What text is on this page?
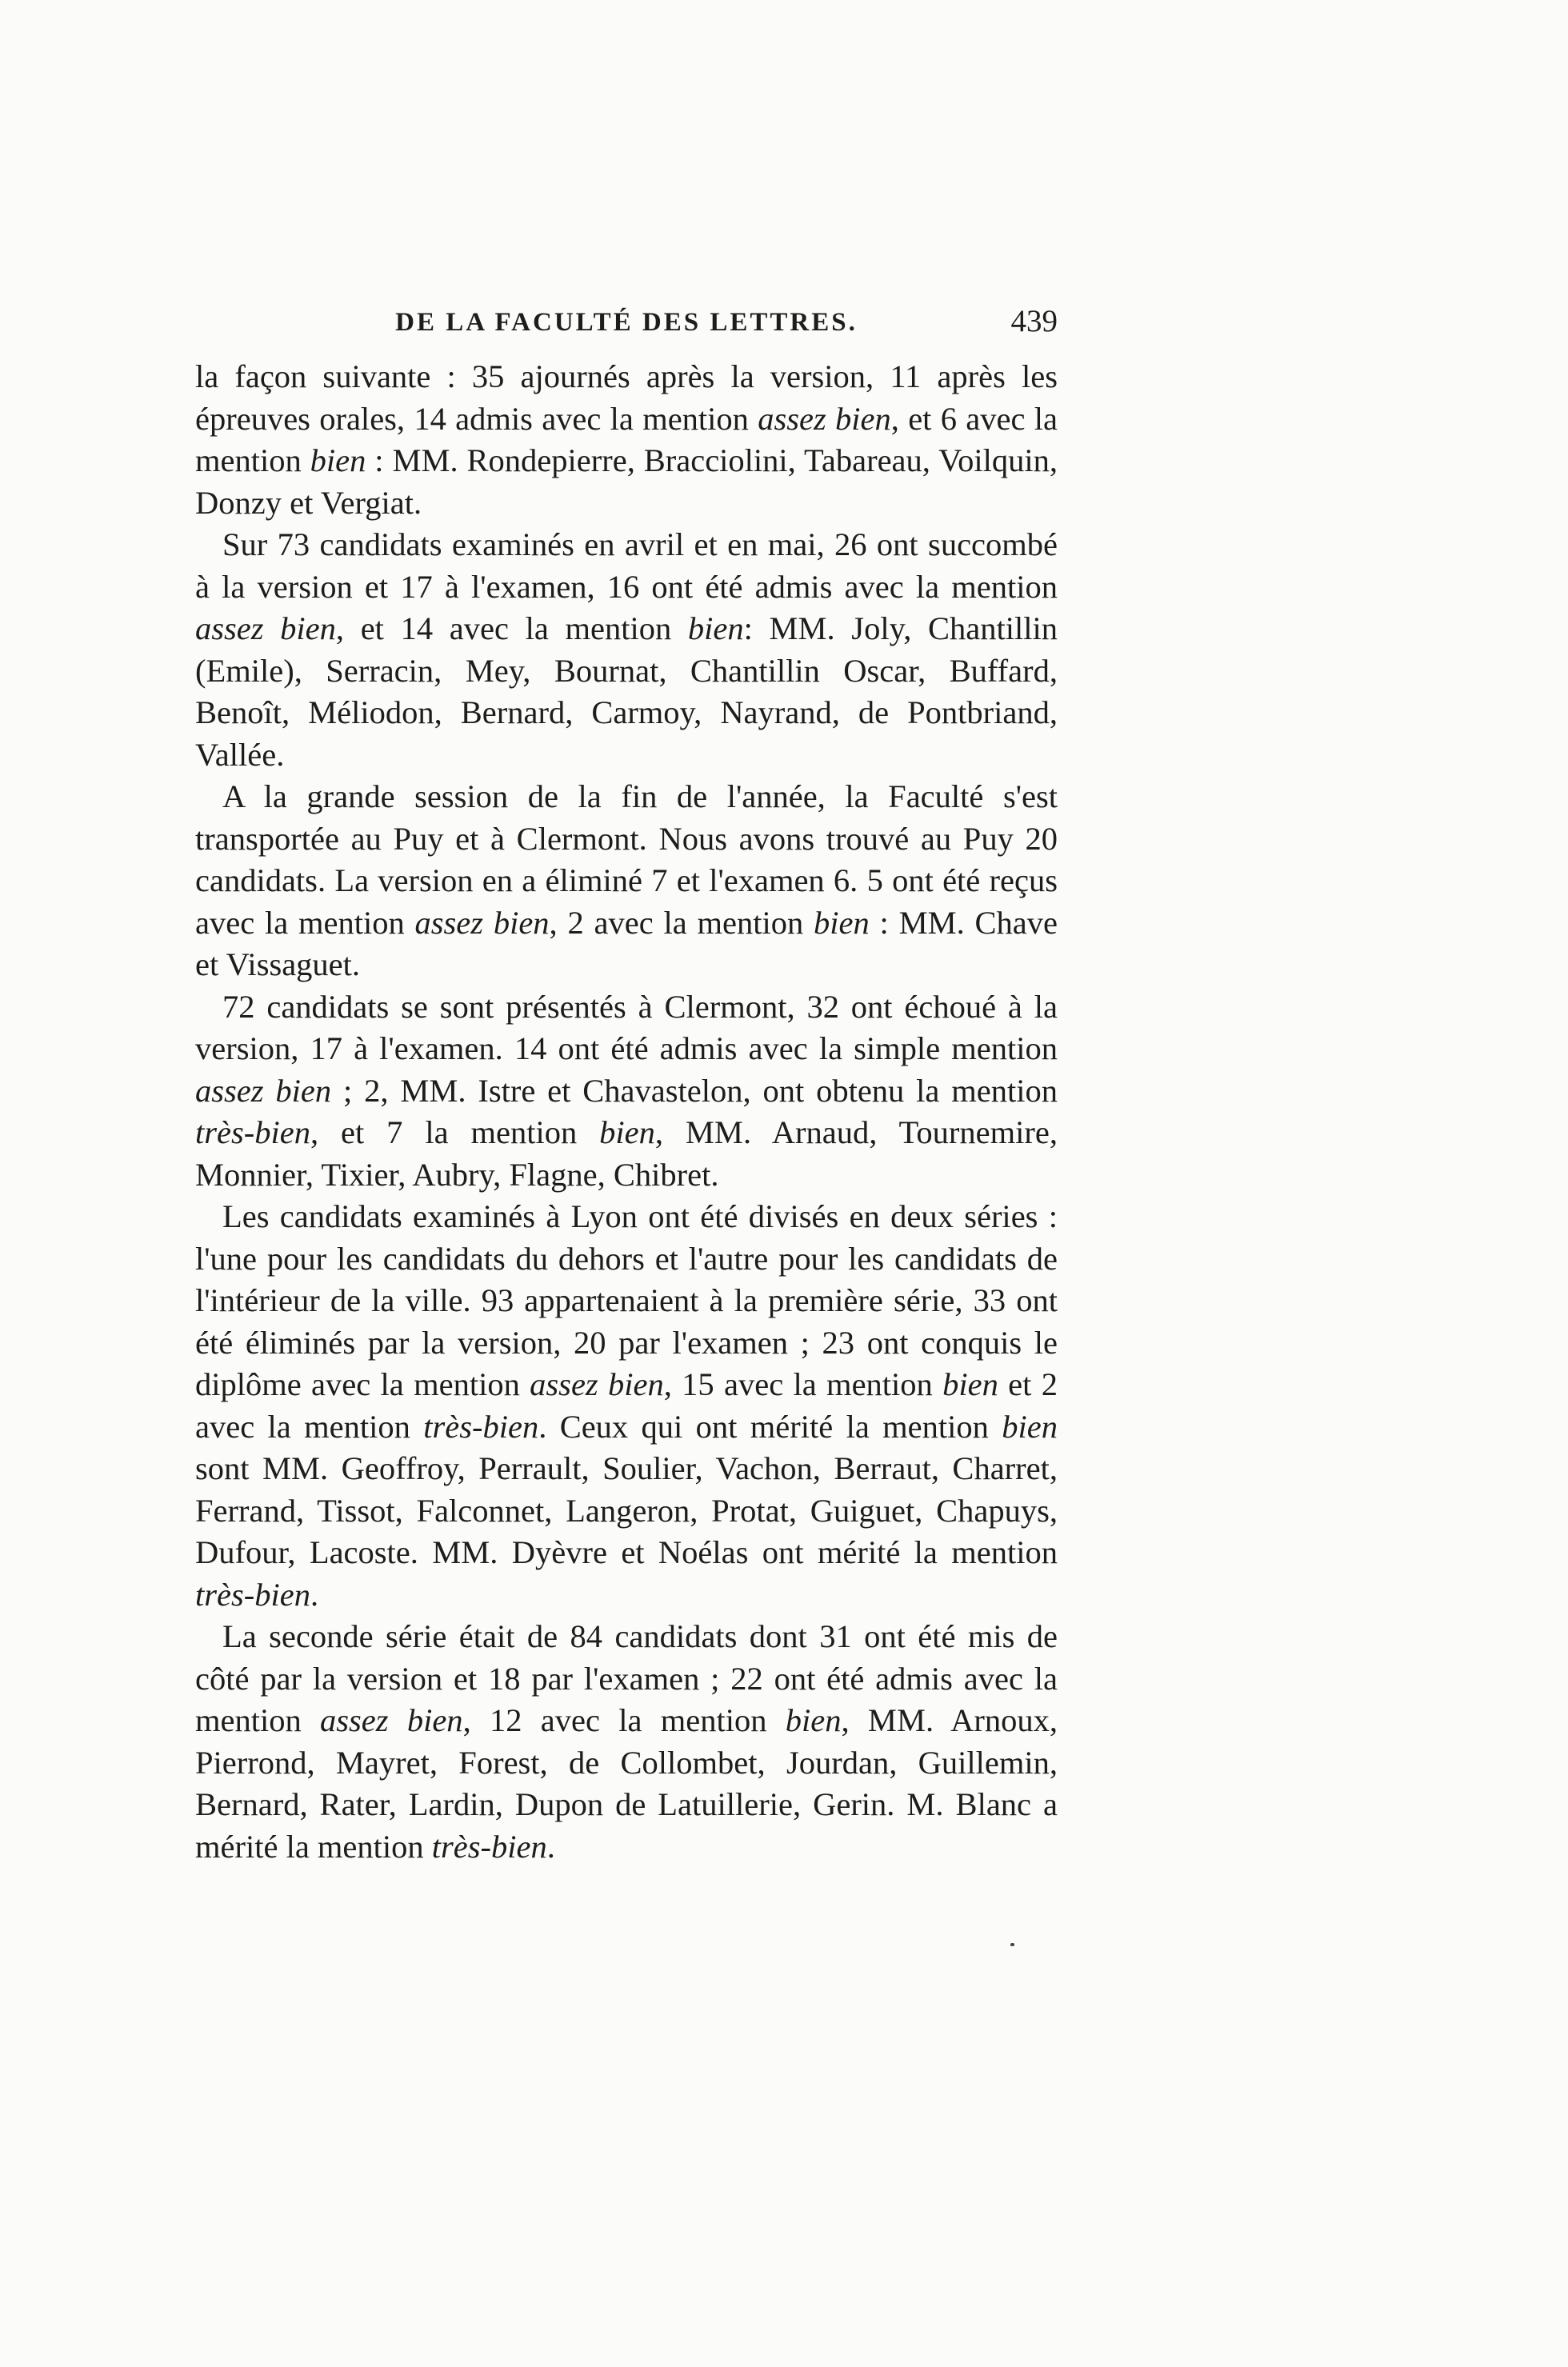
DE LA FACULTÉ DES LETTRES.	439

la façon suivante : 35 ajournés après la version, 11 après les épreuves orales, 14 admis avec la mention assez bien, et 6 avec la mention bien : MM. Rondepierre, Bracciolini, Tabareau, Voilquin, Donzy et Vergiat.

Sur 73 candidats examinés en avril et en mai, 26 ont succombé à la version et 17 à l'examen, 16 ont été admis avec la mention assez bien, et 14 avec la mention bien: MM. Joly, Chantillin (Emile), Serracin, Mey, Bournat, Chantillin Oscar, Buffard, Benoît, Méliodon, Bernard, Carmoy, Nayrand, de Pontbriand, Vallée.

A la grande session de la fin de l'année, la Faculté s'est transportée au Puy et à Clermont. Nous avons trouvé au Puy 20 candidats. La version en a éliminé 7 et l'examen 6. 5 ont été reçus avec la mention assez bien, 2 avec la mention bien : MM. Chave et Vissaguet.

72 candidats se sont présentés à Clermont, 32 ont échoué à la version, 17 à l'examen. 14 ont été admis avec la simple mention assez bien ; 2, MM. Istre et Chavastelon, ont obtenu la mention très-bien, et 7 la mention bien, MM. Arnaud, Tournemire, Monnier, Tixier, Aubry, Flagne, Chibret.

Les candidats examinés à Lyon ont été divisés en deux séries : l'une pour les candidats du dehors et l'autre pour les candidats de l'intérieur de la ville. 93 appartenaient à la première série, 33 ont été éliminés par la version, 20 par l'examen ; 23 ont conquis le diplôme avec la mention assez bien, 15 avec la mention bien et 2 avec la mention très-bien. Ceux qui ont mérité la mention bien sont MM. Geoffroy, Perrault, Soulier, Vachon, Berraut, Charret, Ferrand, Tissot, Falconnet, Langeron, Protat, Guiguet, Chapuys, Dufour, Lacoste. MM. Dyèvre et Noélas ont mérité la mention très-bien.

La seconde série était de 84 candidats dont 31 ont été mis de côté par la version et 18 par l'examen ; 22 ont été admis avec la mention assez bien, 12 avec la mention bien, MM. Arnoux, Pierrond, Mayret, Forest, de Collombet, Jourdan, Guillemin, Bernard, Rater, Lardin, Dupon de Latuillerie, Gerin. M. Blanc a mérité la mention très-bien.
